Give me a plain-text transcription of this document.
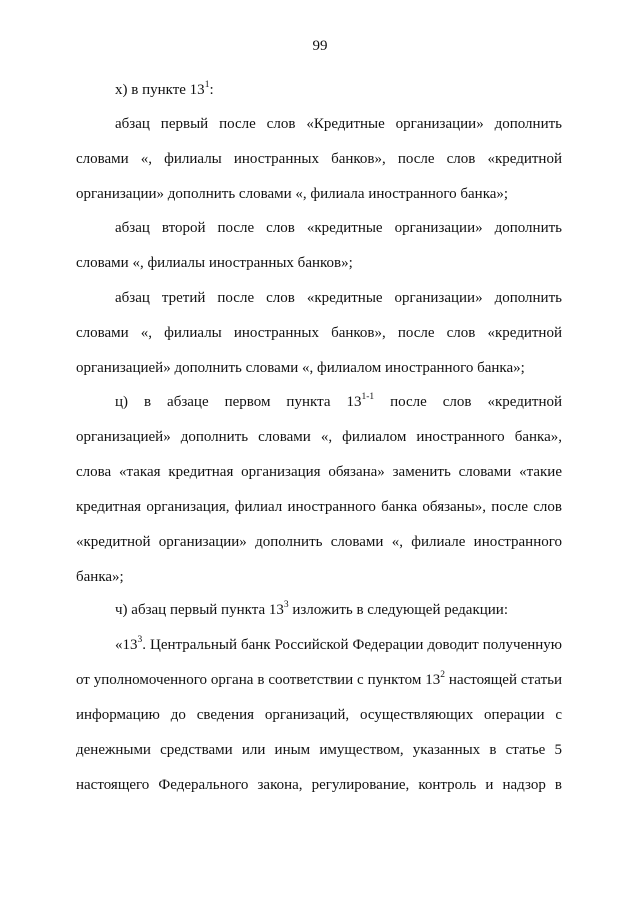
99

х) в пункте $13^1$:

абзац первый после слов «Кредитные организации» дополнить словами «, филиалы иностранных банков», после слов «кредитной организации» дополнить словами «, филиала иностранного банка»;

абзац второй после слов «кредитные организации» дополнить словами «, филиалы иностранных банков»;

абзац третий после слов «кредитные организации» дополнить словами «, филиалы иностранных банков», после слов «кредитной организацией» дополнить словами «, филиалом иностранного банка»;

ц) в абзаце первом пункта 13$^{1-1}$ после слов «кредитной организацией» дополнить словами «, филиалом иностранного банка», слова «такая кредитная организация обязана» заменить словами «такие кредитная организация, филиал иностранного банка обязаны», после слов «кредитной организации» дополнить словами «, филиале иностранного банка»;

ч) абзац первый пункта $13^3$ изложить в следующей редакции:

«$13^3$. Центральный банк Российской Федерации доводит полученную от уполномоченного органа в соответствии с пунктом $13^2$ настоящей статьи информацию до сведения организаций, осуществляющих операции с денежными средствами или иным имуществом, указанных в статье 5 настоящего Федерального закона, регулирование, контроль и надзор в
